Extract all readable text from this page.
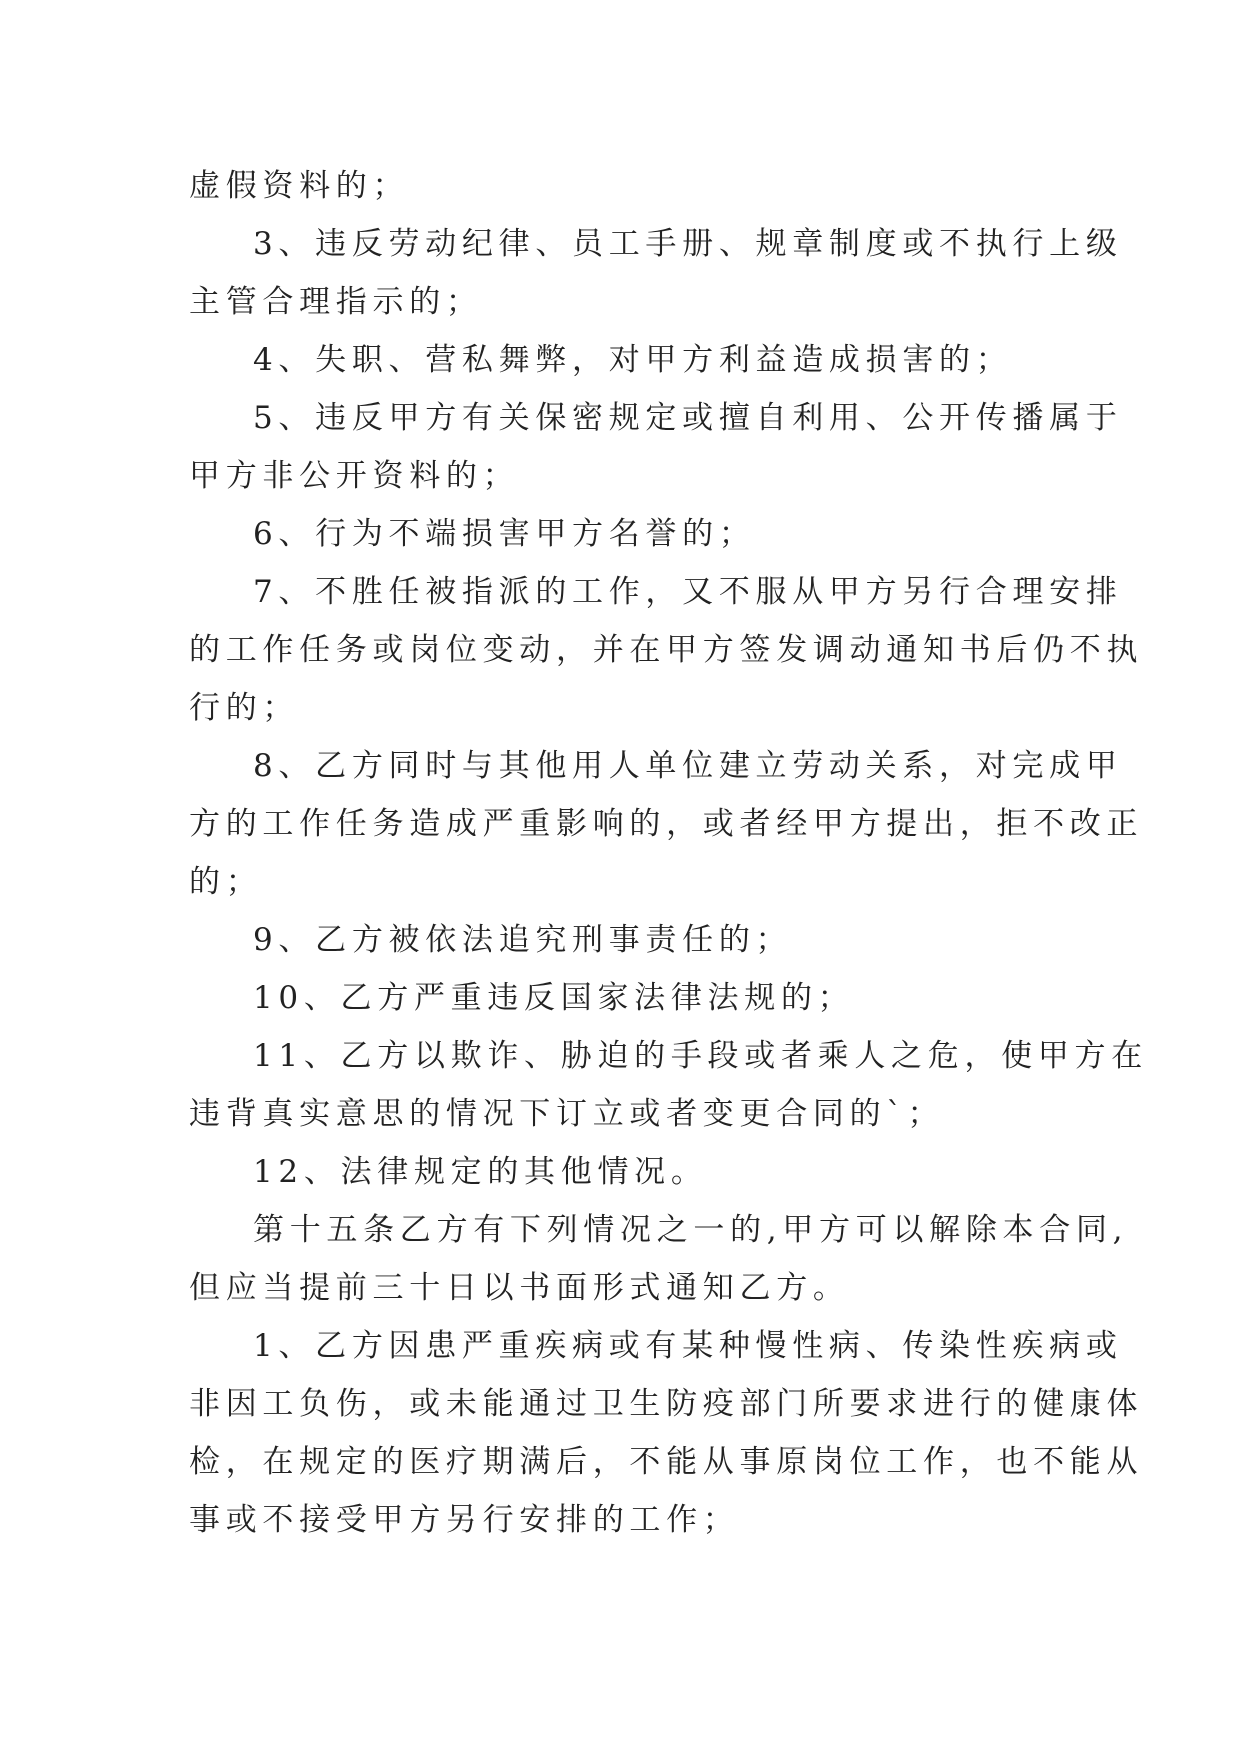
虚假资料的；

3、违反劳动纪律、员工手册、规章制度或不执行上级
主管合理指示的；

4、失职、营私舞弊，对甲方利益造成损害的；

5、违反甲方有关保密规定或擅自利用、公开传播属于
甲方非公开资料的；

6、行为不端损害甲方名誉的；

7、不胜任被指派的工作，又不服从甲方另行合理安排
的工作任务或岗位变动，并在甲方签发调动通知书后仍不执
行的；

8、乙方同时与其他用人单位建立劳动关系，对完成甲
方的工作任务造成严重影响的，或者经甲方提出，拒不改正
的；

9、乙方被依法追究刑事责任的；

10、乙方严重违反国家法律法规的；

11、乙方以欺诈、胁迫的手段或者乘人之危，使甲方在
违背真实意思的情况下订立或者变更合同的`；

12、法律规定的其他情况。

第十五条乙方有下列情况之一的,甲方可以解除本合同,
但应当提前三十日以书面形式通知乙方。

1、乙方因患严重疾病或有某种慢性病、传染性疾病或
非因工负伤，或未能通过卫生防疫部门所要求进行的健康体
检，在规定的医疗期满后，不能从事原岗位工作，也不能从
事或不接受甲方另行安排的工作；
